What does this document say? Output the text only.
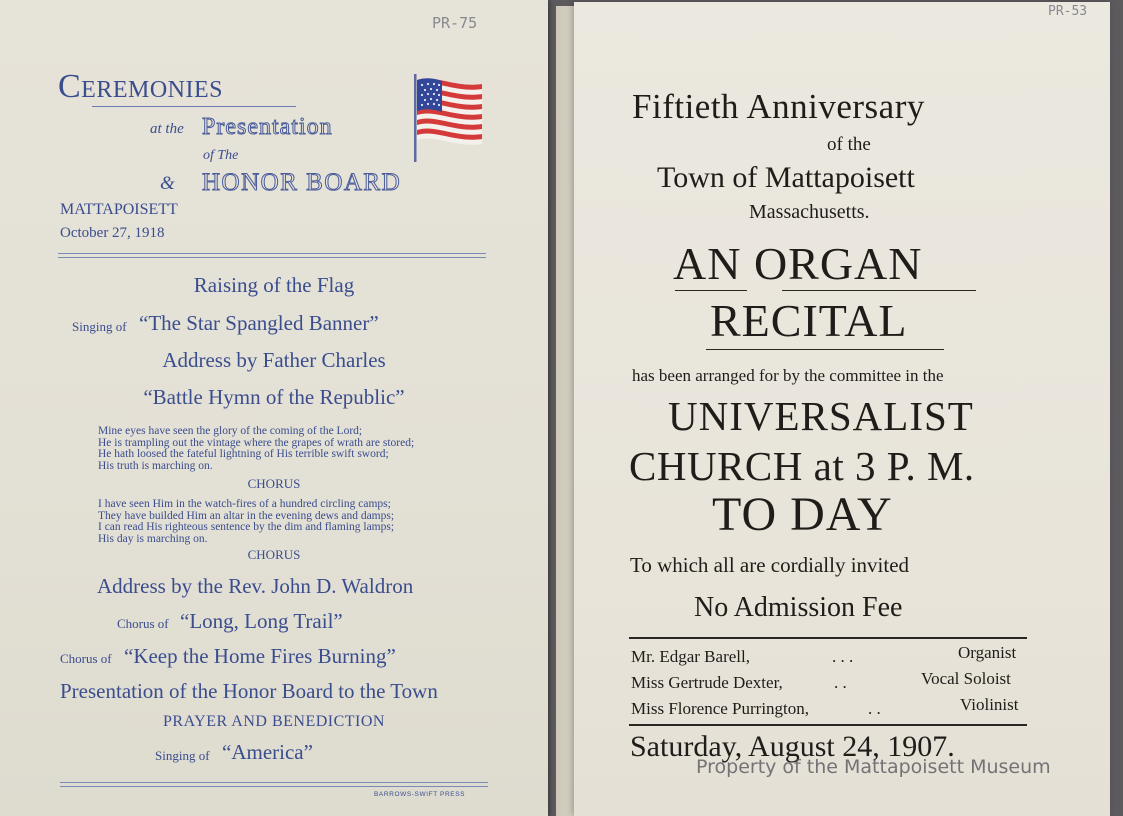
PR-75
Ceremonies
at the Presentation
of The
& HONOR BOARD
MATTAPOISETT
October 27, 1918
Raising of the Flag
Singing of “The Star Spangled Banner”
Address by Father Charles
“Battle Hymn of the Republic”
Mine eyes have seen the glory of the coming of the Lord;
He is trampling out the vintage where the grapes of wrath are stored;
He hath loosed the fateful lightning of His terrible swift sword;
His truth is marching on.
CHORUS
I have seen Him in the watch-fires of a hundred circling camps;
They have builded Him an altar in the evening dews and damps;
I can read His righteous sentence by the dim and flaming lamps;
His day is marching on.
CHORUS
Address by the Rev. John D. Waldron
Chorus of “Long, Long Trail”
Chorus of “Keep the Home Fires Burning”
Presentation of the Honor Board to the Town
PRAYER AND BENEDICTION
Singing of “America”
BARROWS-SWIFT PRESS
PR-53
Fiftieth Anniversary
of the
Town of Mattapoisett
Massachusetts.
AN ORGAN
RECITAL
has been arranged for by the committee in the
UNIVERSALIST
CHURCH at 3 P. M.
TO DAY
To which all are cordially invited
No Admission Fee
Mr. Edgar Barell,	. . .	Organist
Miss Gertrude Dexter,	. .	Vocal Soloist
Miss Florence Purrington,	. .	Violinist
Saturday, August 24, 1907.
Property of the Mattapoisett Museum
